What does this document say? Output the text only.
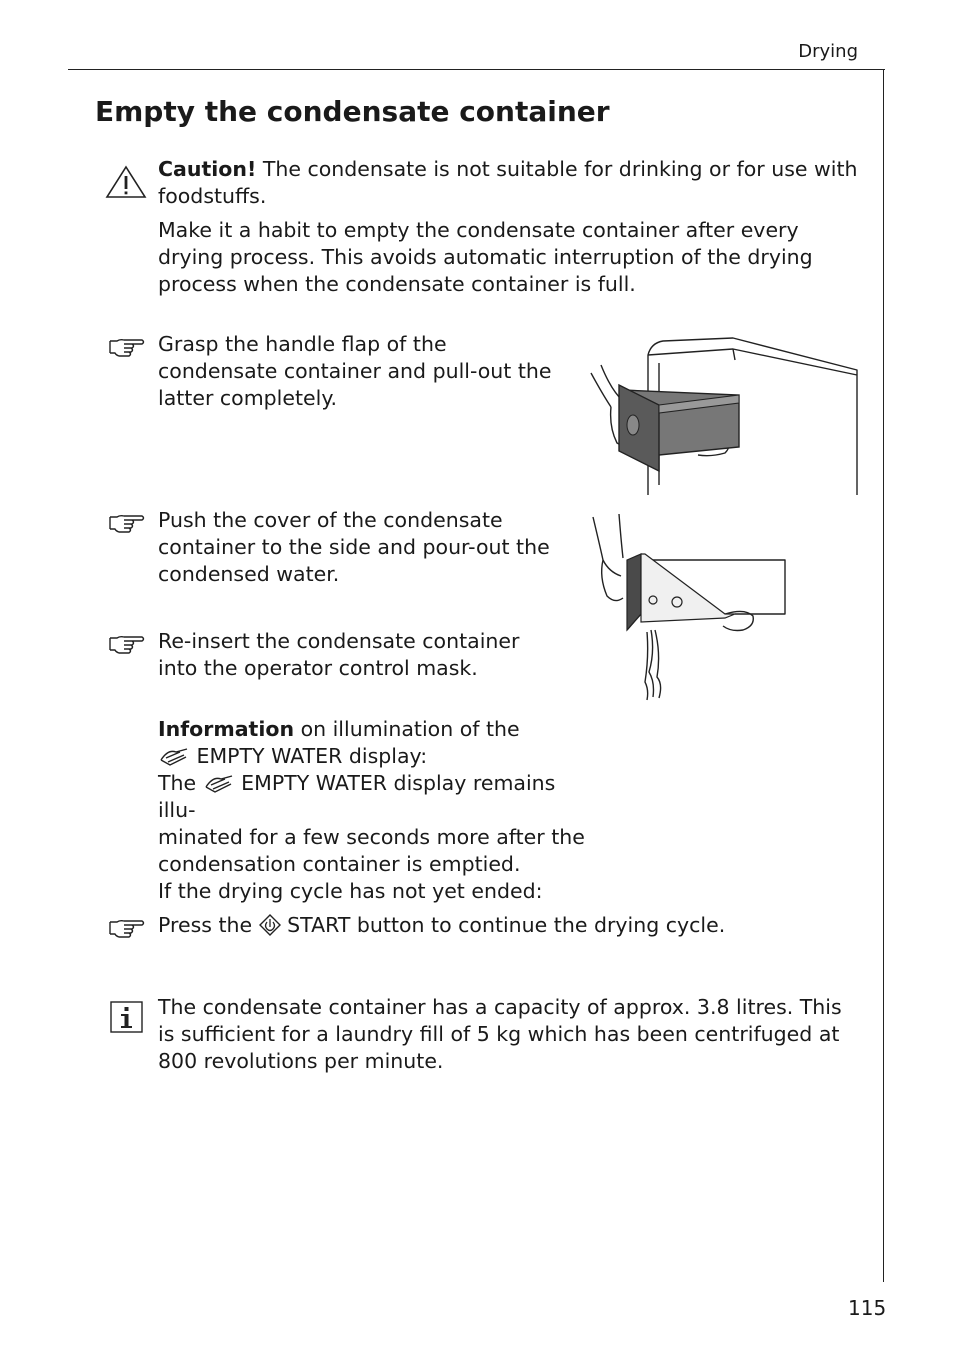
Drying
Empty the condensate container
Caution! The condensate is not suitable for drinking or for use with foodstuffs.
Make it a habit to empty the condensate container after every drying process. This avoids automatic interruption of the drying process when the condensate container is full.
Grasp the handle flap of the condensate container and pull-out the latter completely.
Push the cover of the condensate container to the side and pour-out the condensed water.
Re-insert the condensate container into the operator control mask.
Information on illumination of the
EMPTY WATER display:
The  EMPTY WATER display remains illu-
minated for a few seconds more after the
condensation container is emptied.
If the drying cycle has not yet ended:
Press the  START button to continue the drying cycle.
The condensate container has a capacity of approx. 3.8 litres. This is sufficient for a laundry fill of 5 kg which has been centrifuged at 800 revolutions per minute.
115
